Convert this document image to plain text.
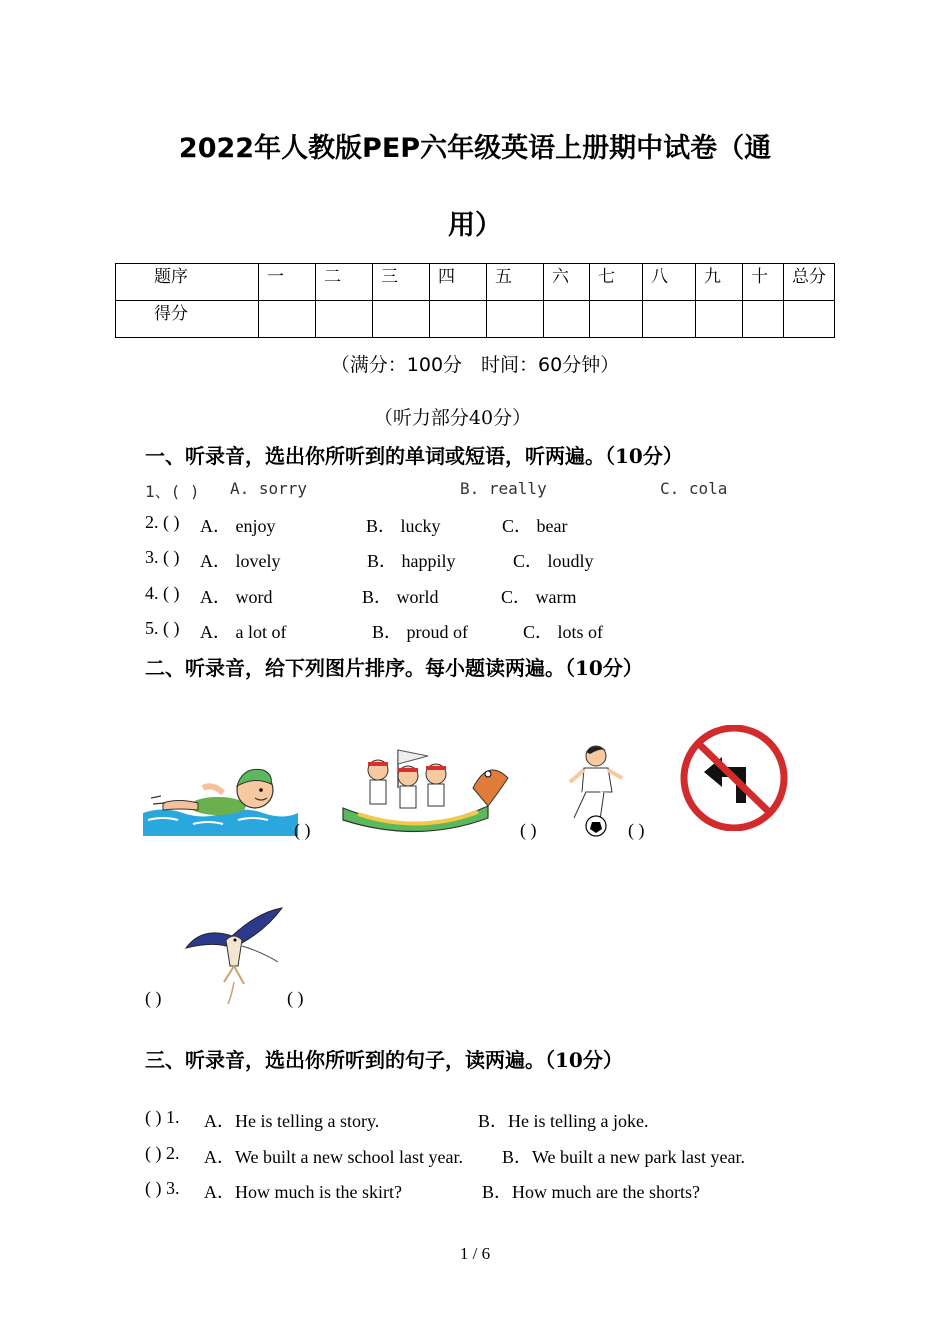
2022年人教版PEP六年级英语上册期中试卷（通
用）
题序	一	二	三	四	五	六	七	八	九	十	总分
得分											
（满分：100分　时间：60分钟）
（听力部分40分）
一、听录音，选出你所听到的单词或短语，听两遍。（10分）
1、( ) A. sorry	B. really	C. cola
2. ( ) A． enjoy	B． lucky	C． bear
3. ( ) A． lovely	B． happily	C． loudly
4. ( ) A． word	B． world	C． warm
5. ( ) A． a lot of	B． proud of	C． lots of
二、听录音，给下列图片排序。每小题读两遍。（10分）
( )	( )	( )
( )	( )
三、听录音，选出你所听到的句子，读两遍。（10分）
( ) 1. A．He is telling a story.	B．He is telling a joke.
( ) 2. A．We built a new school last year. B．We built a new park last year.
( ) 3. A．How much is the skirt?	B．How much are the shorts?
1 / 6
